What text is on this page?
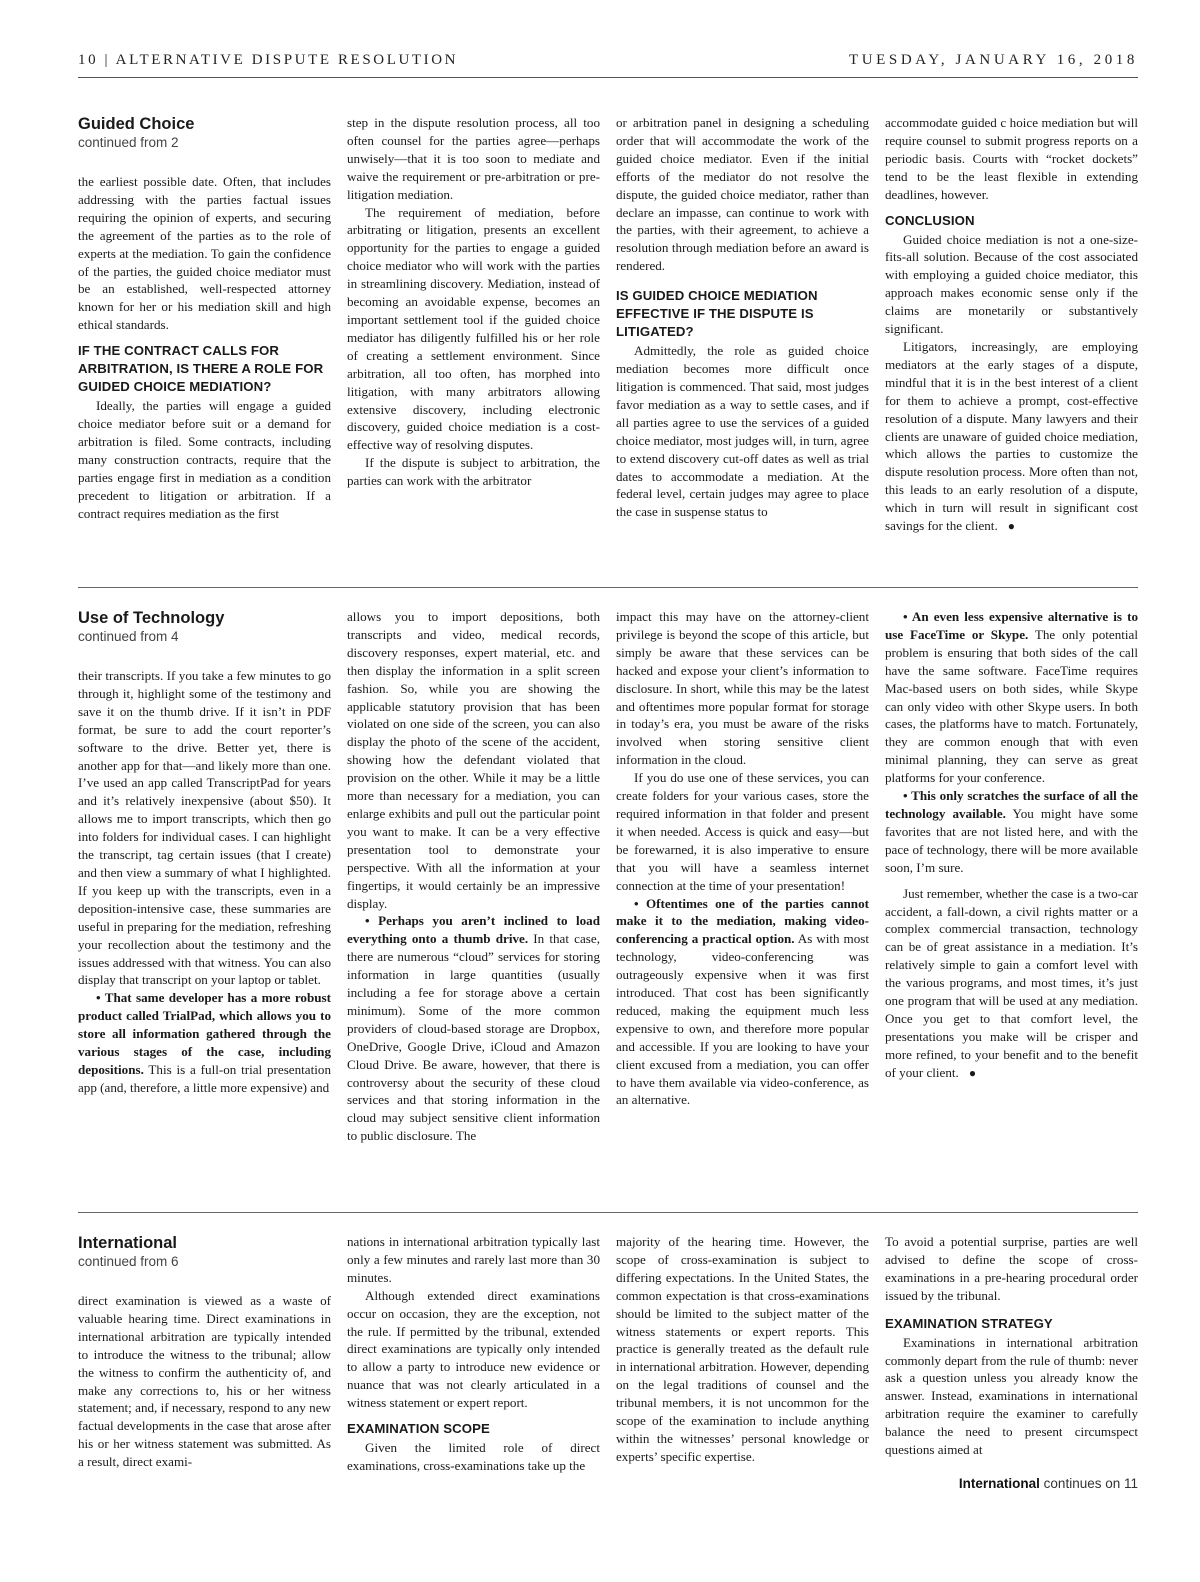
10 | ALTERNATIVE DISPUTE RESOLUTION	TUESDAY, JANUARY 16, 2018
Guided Choice
continued from 2

the earliest possible date. Often, that includes addressing with the parties factual issues requiring the opinion of experts, and securing the agreement of the parties as to the role of experts at the mediation. To gain the confidence of the parties, the guided choice mediator must be an established, well-respected attorney known for her or his mediation skill and high ethical standards.

IF THE CONTRACT CALLS FOR ARBITRATION, IS THERE A ROLE FOR GUIDED CHOICE MEDIATION?

Ideally, the parties will engage a guided choice mediator before suit or a demand for arbitration is filed. Some contracts, including many construction contracts, require that the parties engage first in mediation as a condition precedent to litigation or arbitration. If a contract requires mediation as the first

step in the dispute resolution process, all too often counsel for the parties agree—perhaps unwisely—that it is too soon to mediate and waive the requirement or pre-arbitration or pre-litigation mediation.

The requirement of mediation, before arbitrating or litigation, presents an excellent opportunity for the parties to engage a guided choice mediator who will work with the parties in streamlining discovery. Mediation, instead of becoming an avoidable expense, becomes an important settlement tool if the guided choice mediator has diligently fulfilled his or her role of creating a settlement environment. Since arbitration, all too often, has morphed into litigation, with many arbitrators allowing extensive discovery, including electronic discovery, guided choice mediation is a cost-effective way of resolving disputes.

If the dispute is subject to arbitration, the parties can work with the arbitrator

or arbitration panel in designing a scheduling order that will accommodate the work of the guided choice mediator. Even if the initial efforts of the mediator do not resolve the dispute, the guided choice mediator, rather than declare an impasse, can continue to work with the parties, with their agreement, to achieve a resolution through mediation before an award is rendered.

IS GUIDED CHOICE MEDIATION EFFECTIVE IF THE DISPUTE IS LITIGATED?

Admittedly, the role as guided choice mediation becomes more difficult once litigation is commenced. That said, most judges favor mediation as a way to settle cases, and if all parties agree to use the services of a guided choice mediator, most judges will, in turn, agree to extend discovery cut-off dates as well as trial dates to accommodate a mediation. At the federal level, certain judges may agree to place the case in suspense status to

accommodate guided c hoice mediation but will require counsel to submit progress reports on a periodic basis. Courts with “rocket dockets” tend to be the least flexible in extending deadlines, however.

CONCLUSION

Guided choice mediation is not a one-size-fits-all solution. Because of the cost associated with employing a guided choice mediator, this approach makes economic sense only if the claims are monetarily or substantively significant.

Litigators, increasingly, are employing mediators at the early stages of a dispute, mindful that it is in the best interest of a client for them to achieve a prompt, cost-effective resolution of a dispute. Many lawyers and their clients are unaware of guided choice mediation, which allows the parties to customize the dispute resolution process. More often than not, this leads to an early resolution of a dispute, which in turn will result in significant cost savings for the client. ●

Use of Technology
continued from 4

their transcripts. If you take a few minutes to go through it, highlight some of the testimony and save it on the thumb drive. If it isn’t in PDF format, be sure to add the court reporter’s software to the drive. Better yet, there is another app for that—and likely more than one. I’ve used an app called TranscriptPad for years and it’s relatively inexpensive (about $50). It allows me to import transcripts, which then go into folders for individual cases. I can highlight the transcript, tag certain issues (that I create) and then view a summary of what I highlighted. If you keep up with the transcripts, even in a deposition-intensive case, these summaries are useful in preparing for the mediation, refreshing your recollection about the testimony and the issues addressed with that witness. You can also display that transcript on your laptop or tablet.

• That same developer has a more robust product called TrialPad, which allows you to store all information gathered through the various stages of the case, including depositions. This is a full-on trial presentation app (and, therefore, a little more expensive) and

allows you to import depositions, both transcripts and video, medical records, discovery responses, expert material, etc. and then display the information in a split screen fashion. So, while you are showing the applicable statutory provision that has been violated on one side of the screen, you can also display the photo of the scene of the accident, showing how the defendant violated that provision on the other. While it may be a little more than necessary for a mediation, you can enlarge exhibits and pull out the particular point you want to make. It can be a very effective presentation tool to demonstrate your perspective. With all the information at your fingertips, it would certainly be an impressive display.

• Perhaps you aren’t inclined to load everything onto a thumb drive. In that case, there are numerous “cloud” services for storing information in large quantities (usually including a fee for storage above a certain minimum). Some of the more common providers of cloud-based storage are Dropbox, OneDrive, Google Drive, iCloud and Amazon Cloud Drive. Be aware, however, that there is controversy about the security of these cloud services and that storing information in the cloud may subject sensitive client information to public disclosure. The

impact this may have on the attorney-client privilege is beyond the scope of this article, but simply be aware that these services can be hacked and expose your client’s information to disclosure. In short, while this may be the latest and oftentimes more popular format for storage in today’s era, you must be aware of the risks involved when storing sensitive client information in the cloud.

If you do use one of these services, you can create folders for your various cases, store the required information in that folder and present it when needed. Access is quick and easy—but be forewarned, it is also imperative to ensure that you will have a seamless internet connection at the time of your presentation!

• Oftentimes one of the parties cannot make it to the mediation, making video-conferencing a practical option. As with most technology, video-conferencing was outrageously expensive when it was first introduced. That cost has been significantly reduced, making the equipment much less expensive to own, and therefore more popular and accessible. If you are looking to have your client excused from a mediation, you can offer to have them available via video-conference, as an alternative.

• An even less expensive alternative is to use FaceTime or Skype. The only potential problem is ensuring that both sides of the call have the same software. FaceTime requires Mac-based users on both sides, while Skype can only video with other Skype users. In both cases, the platforms have to match. Fortunately, they are common enough that with even minimal planning, they can serve as great platforms for your conference.

• This only scratches the surface of all the technology available. You might have some favorites that are not listed here, and with the pace of technology, there will be more available soon, I’m sure.

Just remember, whether the case is a two-car accident, a fall-down, a civil rights matter or a complex commercial transaction, technology can be of great assistance in a mediation. It’s relatively simple to gain a comfort level with the various programs, and most times, it’s just one program that will be used at any mediation. Once you get to that comfort level, the presentations you make will be crisper and more refined, to your benefit and to the benefit of your client. ●

International
continued from 6

direct examination is viewed as a waste of valuable hearing time. Direct examinations in international arbitration are typically intended to introduce the witness to the tribunal; allow the witness to confirm the authenticity of, and make any corrections to, his or her witness statement; and, if necessary, respond to any new factual developments in the case that arose after his or her witness statement was submitted. As a result, direct exami-

nations in international arbitration typically last only a few minutes and rarely last more than 30 minutes.

Although extended direct examinations occur on occasion, they are the exception, not the rule. If permitted by the tribunal, extended direct examinations are typically only intended to allow a party to introduce new evidence or nuance that was not clearly articulated in a witness statement or expert report.

EXAMINATION SCOPE

Given the limited role of direct examinations, cross-examinations take up the

majority of the hearing time. However, the scope of cross-examination is subject to differing expectations. In the United States, the common expectation is that cross-examinations should be limited to the subject matter of the witness statements or expert reports. This practice is generally treated as the default rule in international arbitration. However, depending on the legal traditions of counsel and the tribunal members, it is not uncommon for the scope of the examination to include anything within the witnesses’ personal knowledge or experts’ specific expertise.

To avoid a potential surprise, parties are well advised to define the scope of cross-examinations in a pre-hearing procedural order issued by the tribunal.

EXAMINATION STRATEGY

Examinations in international arbitration commonly depart from the rule of thumb: never ask a question unless you already know the answer. Instead, examinations in international arbitration require the examiner to carefully balance the need to present circumspect questions aimed at

International continues on 11
